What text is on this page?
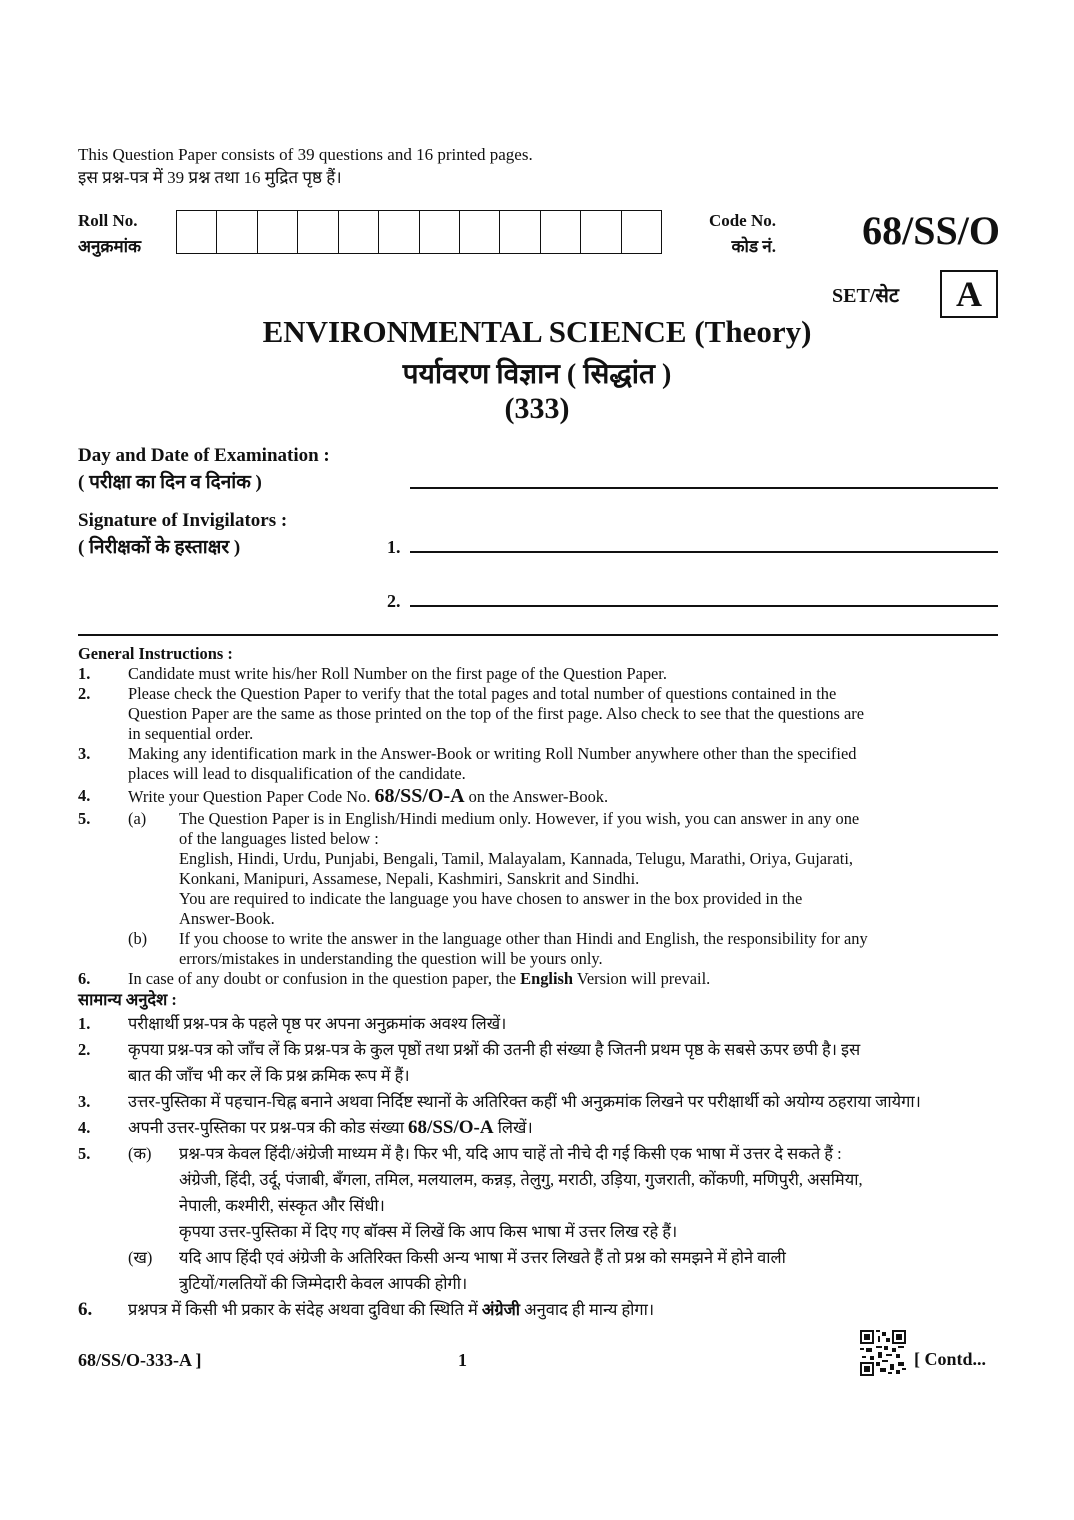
This Question Paper consists of 39 questions and 16 printed pages.
इस प्रश्न-पत्र में 39 प्रश्न तथा 16 मुद्रित पृष्ठ हैं।
Roll No.
अनुक्रमांक
Code No.
कोड नं.	68/SS/O
SET/सेट	A
ENVIRONMENTAL SCIENCE (Theory)
पर्यावरण विज्ञान ( सिद्धांत )
(333)
Day and Date of Examination :
( परीक्षा का दिन व दिनांक )
Signature of Invigilators :
( निरीक्षकों के हस्ताक्षर )	1.
2.
General Instructions :
1. Candidate must write his/her Roll Number on the first page of the Question Paper.
2. Please check the Question Paper to verify that the total pages and total number of questions contained in the
Question Paper are the same as those printed on the top of the first page. Also check to see that the questions are
in sequential order.
3. Making any identification mark in the Answer-Book or writing Roll Number anywhere other than the specified
places will lead to disqualification of the candidate.
4. Write your Question Paper Code No. 68/SS/O-A on the Answer-Book.
5. (a) The Question Paper is in English/Hindi medium only. However, if you wish, you can answer in any one
of the languages listed below :
English, Hindi, Urdu, Punjabi, Bengali, Tamil, Malayalam, Kannada, Telugu, Marathi, Oriya, Gujarati,
Konkani, Manipuri, Assamese, Nepali, Kashmiri, Sanskrit and Sindhi.
You are required to indicate the language you have chosen to answer in the box provided in the
Answer-Book.
(b) If you choose to write the answer in the language other than Hindi and English, the responsibility for any
errors/mistakes in understanding the question will be yours only.
6. In case of any doubt or confusion in the question paper, the English Version will prevail.
सामान्य अनुदेश :
1. परीक्षार्थी प्रश्न-पत्र के पहले पृष्ठ पर अपना अनुक्रमांक अवश्य लिखें।
2. कृपया प्रश्न-पत्र को जाँच लें कि प्रश्न-पत्र के कुल पृष्ठों तथा प्रश्नों की उतनी ही संख्या है जितनी प्रथम पृष्ठ के सबसे ऊपर छपी है। इस
बात की जाँच भी कर लें कि प्रश्न क्रमिक रूप में हैं।
3. उत्तर-पुस्तिका में पहचान-चिह्न बनाने अथवा निर्दिष्ट स्थानों के अतिरिक्त कहीं भी अनुक्रमांक लिखने पर परीक्षार्थी को अयोग्य ठहराया जायेगा।
4. अपनी उत्तर-पुस्तिका पर प्रश्न-पत्र की कोड संख्या 68/SS/O-A लिखें।
5. (क) प्रश्न-पत्र केवल हिंदी/अंग्रेजी माध्यम में है। फिर भी, यदि आप चाहें तो नीचे दी गई किसी एक भाषा में उत्तर दे सकते हैं :
अंग्रेजी, हिंदी, उर्दू, पंजाबी, बँगला, तमिल, मलयालम, कन्नड़, तेलुगु, मराठी, उड़िया, गुजराती, कोंकणी, मणिपुरी, असमिया,
नेपाली, कश्मीरी, संस्कृत और सिंधी।
कृपया उत्तर-पुस्तिका में दिए गए बॉक्स में लिखें कि आप किस भाषा में उत्तर लिख रहे हैं।
(ख) यदि आप हिंदी एवं अंग्रेजी के अतिरिक्त किसी अन्य भाषा में उत्तर लिखते हैं तो प्रश्न को समझने में होने वाली
त्रुटियों/गलतियों की जिम्मेदारी केवल आपकी होगी।
6. प्रश्नपत्र में किसी भी प्रकार के संदेह अथवा दुविधा की स्थिति में अंग्रेजी अनुवाद ही मान्य होगा।
68/SS/O-333-A ]	1	[ Contd...
